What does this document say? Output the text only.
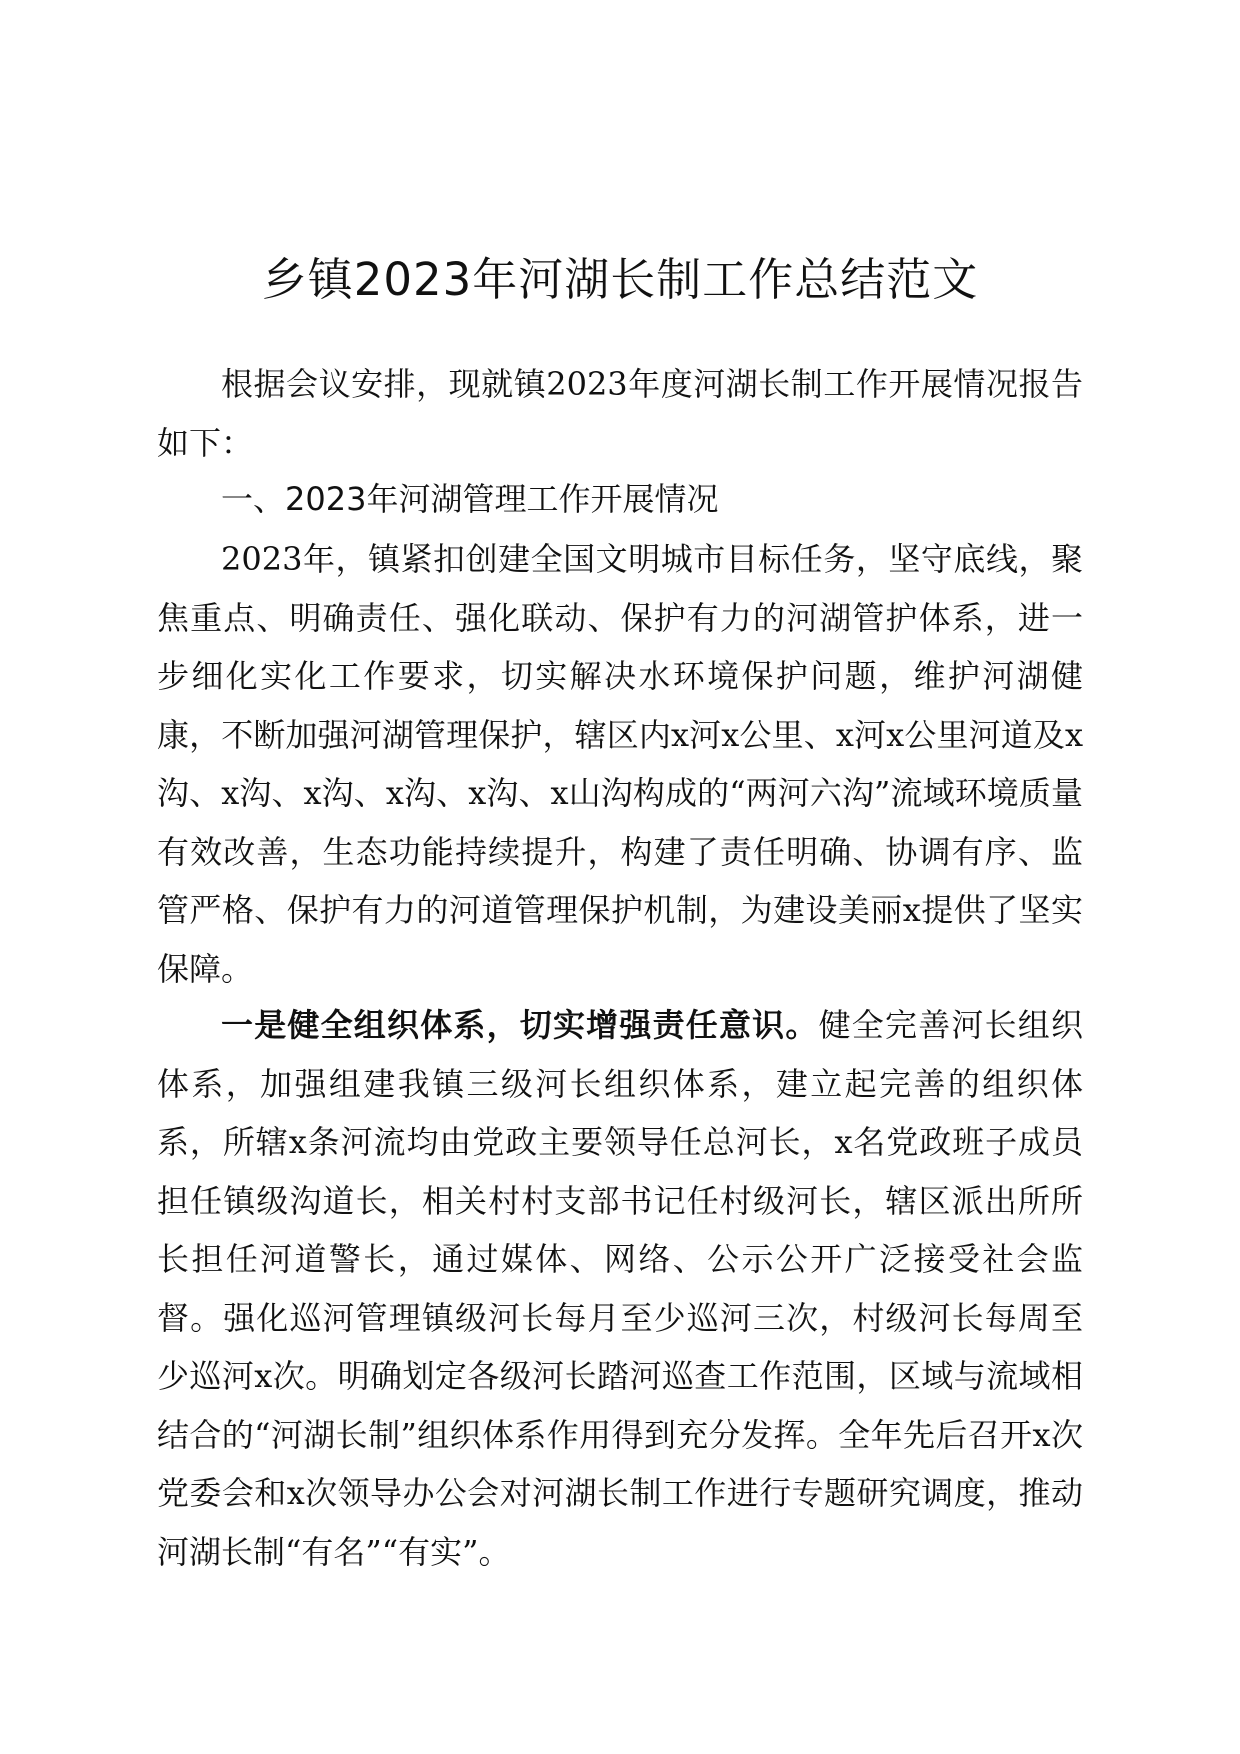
乡镇2023年河湖长制工作总结范文

根据会议安排，现就镇2023年度河湖长制工作开展情况报告如下：

一、2023年河湖管理工作开展情况

2023年，镇紧扣创建全国文明城市目标任务，坚守底线，聚焦重点、明确责任、强化联动、保护有力的河湖管护体系，进一步细化实化工作要求，切实解决水环境保护问题，维护河湖健康，不断加强河湖管理保护，辖区内x河x公里、x河x公里河道及x沟、x沟、x沟、x沟、x沟、x山沟构成的“两河六沟”流域环境质量有效改善，生态功能持续提升，构建了责任明确、协调有序、监管严格、保护有力的河道管理保护机制，为建设美丽x提供了坚实保障。

一是健全组织体系，切实增强责任意识。健全完善河长组织体系，加强组建我镇三级河长组织体系，建立起完善的组织体系，所辖x条河流均由党政主要领导任总河长，x名党政班子成员担任镇级沟道长，相关村村支部书记任村级河长，辖区派出所所长担任河道警长，通过媒体、网络、公示公开广泛接受社会监督。强化巡河管理镇级河长每月至少巡河三次，村级河长每周至少巡河x次。明确划定各级河长踏河巡查工作范围，区域与流域相结合的“河湖长制”组织体系作用得到充分发挥。全年先后召开x次党委会和x次领导办公会对河湖长制工作进行专题研究调度，推动河湖长制“有名”“有实”。
